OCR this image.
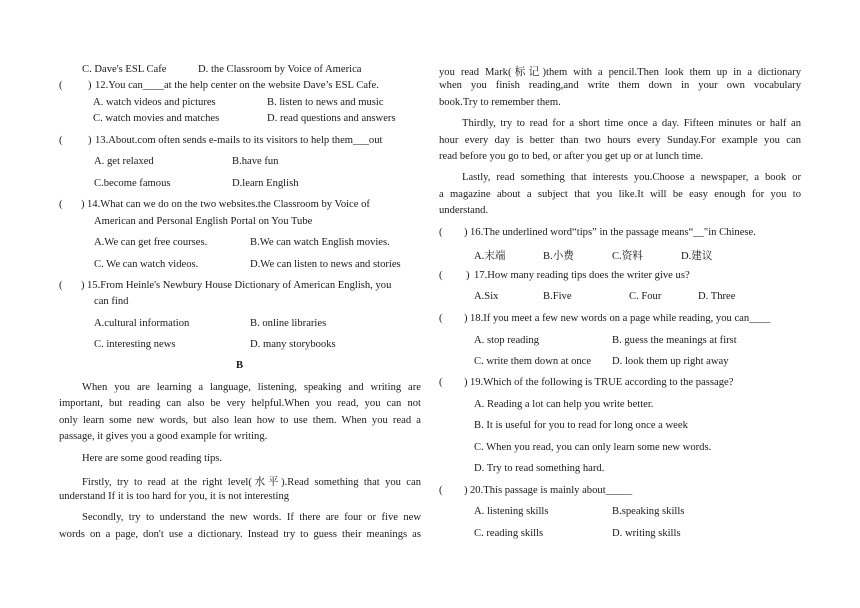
C. Dave's ESL Cafe	D. the Classroom by Voice of America
( ) 12.You can____at the help center on the website Dave’s ESL Cafe.
A. watch videos and pictures	B. listen to news and music
C. watch movies and matches	D. read questions and answers
( ) 13.About.com often sends e-mails to its visitors to help them___out
A. get relaxed	B.have fun
C.become famous	D.learn English
( ) 14.What can we do on the two websites.the Classroom by Voice of
American and Personal English Portal on You Tube
A.We can get free courses.	B.We can watch English movies.
C. We can watch videos.	D.We can listen to news and stories
( ) 15.From Heinle's Newbury House Dictionary of American English, you
can find
A.cultural information	B. online libraries
C. interesting news	D. many storybooks
B
When you are learning a language, listening, speaking and writing are
important, but reading can also be very helpful.When you read, you can not
only learn some new words, but also lean how to use them. When you read a
passage, it gives you a good example for writing.
Here are some good reading tips.
Firstly, try to read at the right level(水平).Read something that you can
understand If it is too hard for you, it is not interesting
Secondly, try to understand the new words. If there are four or five new
words on a page, don't use a dictionary. Instead try to guess their meanings as
you read Mark(标记)them with a pencil.Then look them up in a dictionary
when you finish reading,and write them down in your own vocabulary
book.Try to remember them.
Thirdly, try to read for a short time once a day. Fifteen minutes or half an
hour every day is better than two hours every Sunday.For example you can
read before you go to bed, or after you get up or at lunch time.
Lastly, read something that interests you.Choose a newspaper, a book or
a magazine about a subject that you like.It will be easy enough for you to
understand.
( ) 16.The underlined word“tips” in the passage means“__"in Chinese.
A.末端	B.小费	C.资料	D.建议
( ) 17.How many reading tips does the writer give us?
A.Six	B.Five	C. Four	D. Three
( ) 18.If you meet a few new words on a page while reading, you can____
A. stop reading	B. guess the meanings at first
C. write them down at once D. look them up right away
( ) 19.Which of the following is TRUE according to the passage?
A. Reading a lot can help you write better.
B. It is useful for you to read for long once a week
C. When you read, you can only learn some new words.
D. Try to read something hard.
( ) 20.This passage is mainly about_____
A. listening skills	B.speaking skills
C. reading skills	D. writing skills
